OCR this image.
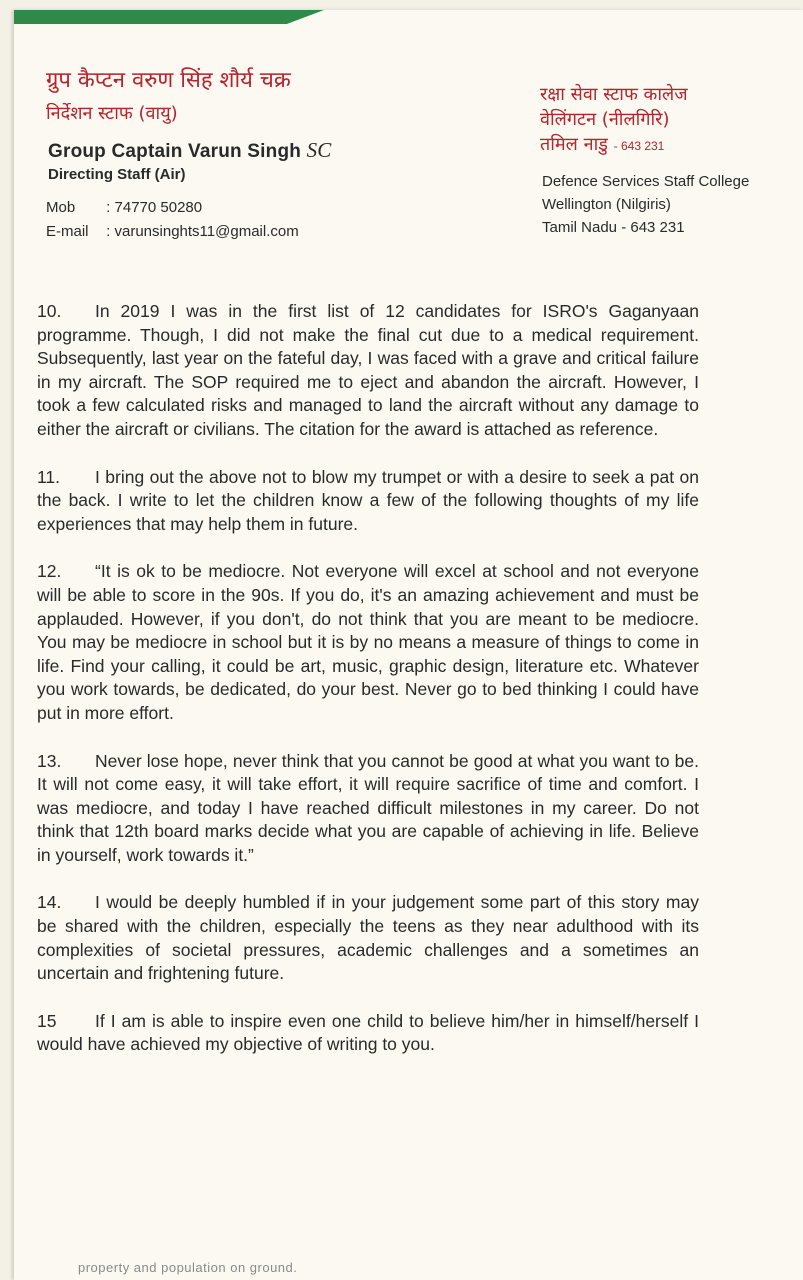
ग्रुप कैप्टन वरुण सिंह शौर्य चक्र
निर्देशन स्टाफ (वायु)
Group Captain Varun Singh SC
Directing Staff (Air)
Mob : 74770 50280
E-mail : varunsinghts11@gmail.com
रक्षा सेवा स्टाफ कालेज
वेलिंगटन (नीलगिरि)
तमिल नाडु - 643 231
Defence Services Staff College
Wellington (Nilgiris)
Tamil Nadu - 643 231

10. In 2019 I was in the first list of 12 candidates for ISRO's Gaganyaan programme. Though, I did not make the final cut due to a medical requirement. Subsequently, last year on the fateful day, I was faced with a grave and critical failure in my aircraft. The SOP required me to eject and abandon the aircraft. However, I took a few calculated risks and managed to land the aircraft without any damage to either the aircraft or civilians. The citation for the award is attached as reference.

11. I bring out the above not to blow my trumpet or with a desire to seek a pat on the back. I write to let the children know a few of the following thoughts of my life experiences that may help them in future.

12. “It is ok to be mediocre. Not everyone will excel at school and not everyone will be able to score in the 90s. If you do, it's an amazing achievement and must be applauded. However, if you don't, do not think that you are meant to be mediocre. You may be mediocre in school but it is by no means a measure of things to come in life. Find your calling, it could be art, music, graphic design, literature etc. Whatever you work towards, be dedicated, do your best. Never go to bed thinking I could have put in more effort.

13. Never lose hope, never think that you cannot be good at what you want to be. It will not come easy, it will take effort, it will require sacrifice of time and comfort. I was mediocre, and today I have reached difficult milestones in my career. Do not think that 12th board marks decide what you are capable of achieving in life. Believe in yourself, work towards it.”

14. I would be deeply humbled if in your judgement some part of this story may be shared with the children, especially the teens as they near adulthood with its complexities of societal pressures, academic challenges and a sometimes an uncertain and frightening future.

15 If I am is able to inspire even one child to believe him/her in himself/herself I would have achieved my objective of writing to you.

property and population on ground.
